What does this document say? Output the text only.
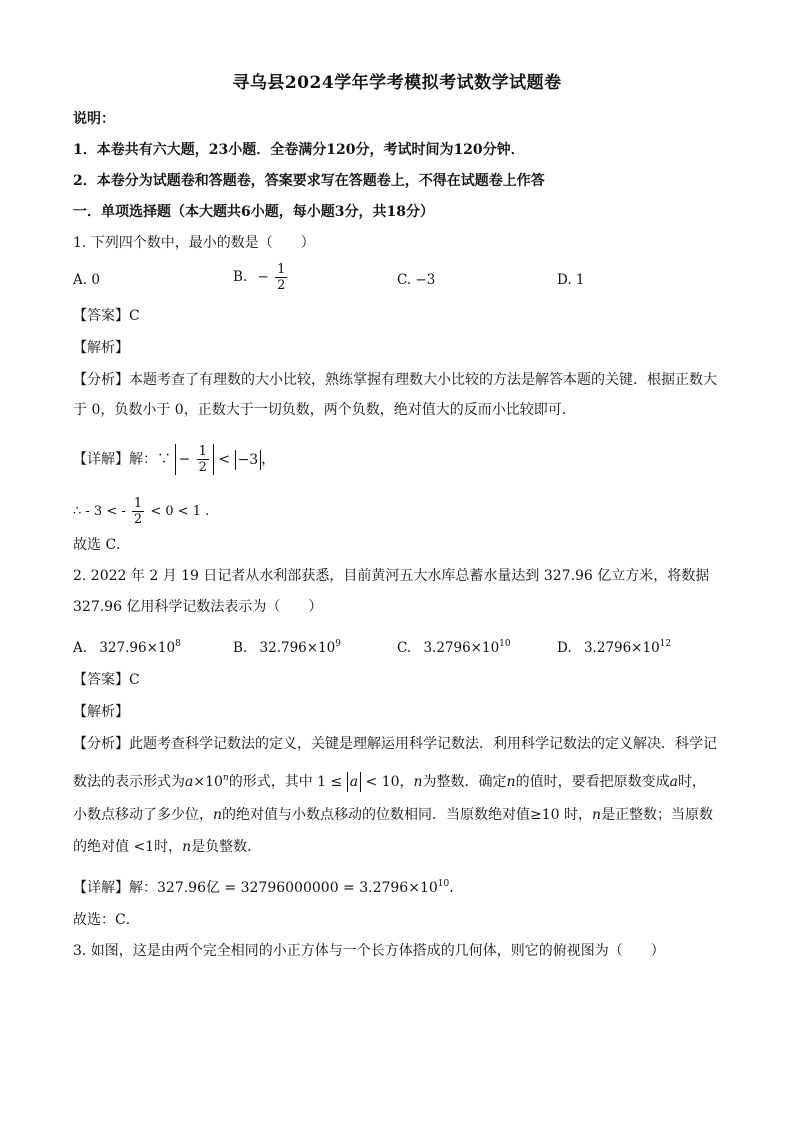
寻乌县2024学年学考模拟考试数学试题卷
说明：
1．本卷共有六大题，23小题．全卷满分120分，考试时间为120分钟．
2．本卷分为试题卷和答题卷，答案要求写在答题卷上，不得在试题卷上作答
一．单项选择题（本大题共6小题，每小题3分，共18分）
1. 下列四个数中，最小的数是（　　）
A. 0	B. − $\frac{1}{2}$	C. −3	D. 1
【答案】C
【解析】
【分析】本题考查了有理数的大小比较，熟练掌握有理数大小比较的方法是解答本题的关键．根据正数大
于 0，负数小于 0，正数大于一切负数，两个负数，绝对值大的反而小比较即可．
【详解】解：∵ − $\frac{1}{2} < -3$ ，
∴ - 3 < - $\frac{1}{2} < 0 < 1$ .
故选 C．
2. 2022 年 2 月 19 日记者从水利部获悉，目前黄河五大水库总蓄水量达到 327.96 亿立方米，将数据
327.96 亿用科学记数法表示为（　　）
A. $327.96\times 10^8$	B. $32.796\times 10^9$	C. $3.2796\times 10^{10}$	D. $3.2796\times 10^{12}$
【答案】C
【解析】
【分析】此题考查科学记数法的定义，关键是理解运用科学记数法．利用科学记数法的定义解决．科学记
数法的表示形式为$a\times 10^n$的形式，其中 1 ≤ a < 10，n为整数．确定n的值时，要看把原数变成a时，
小数点移动了多少位，n的绝对值与小数点移动的位数相同．当原数绝对值≥10 时，n是正整数；当原数
的绝对值 <1时，n是负整数．
【详解】解：327.96亿 = $32796000000 = 3.2796\times 10^{10}$．
故选：C．
3. 如图，这是由两个完全相同的小正方体与一个长方体搭成的几何体，则它的俯视图为（　　）
